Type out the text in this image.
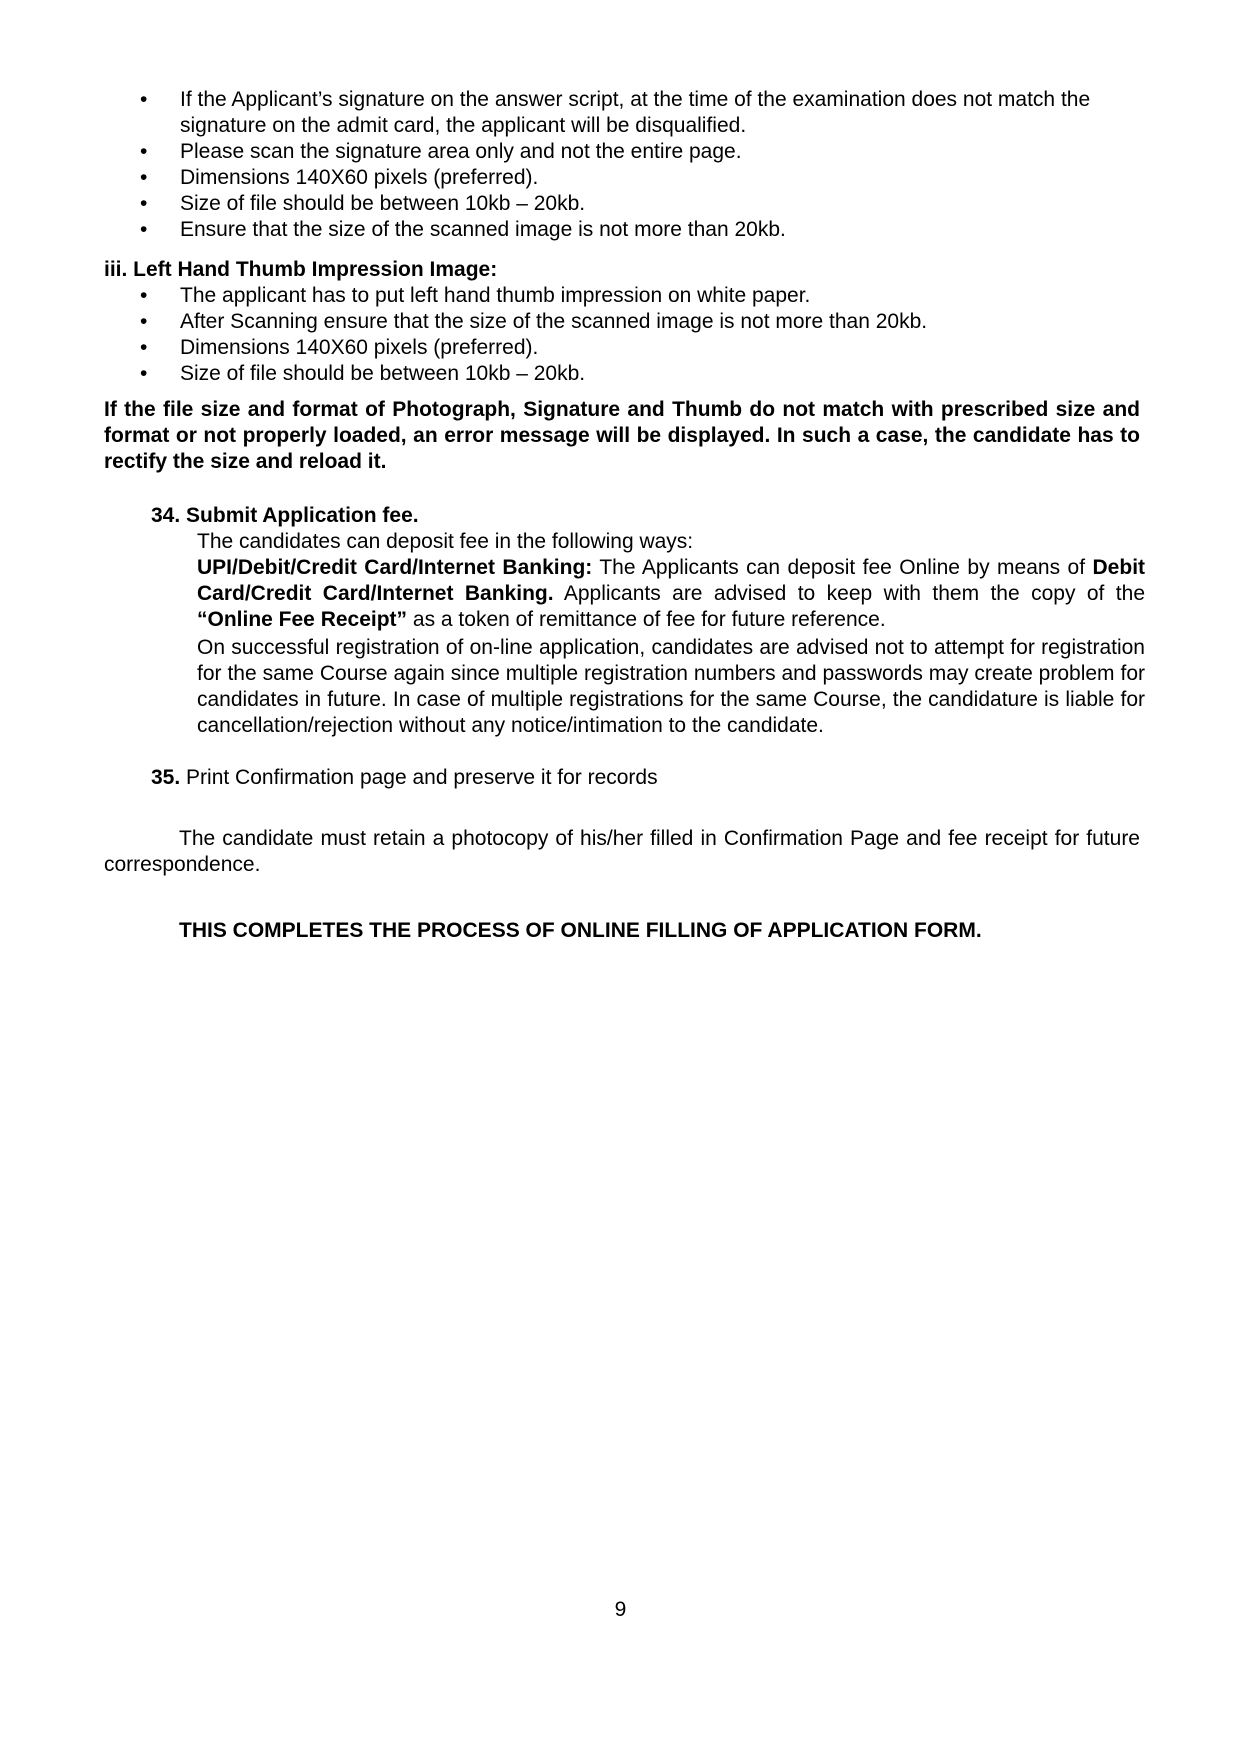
• If the Applicant’s signature on the answer script, at the time of the examination does not match the signature on the admit card, the applicant will be disqualified.
• Please scan the signature area only and not the entire page.
• Dimensions 140X60 pixels (preferred).
• Size of file should be between 10kb – 20kb.
• Ensure that the size of the scanned image is not more than 20kb.
iii. Left Hand Thumb Impression Image:
• The applicant has to put left hand thumb impression on white paper.
• After Scanning ensure that the size of the scanned image is not more than 20kb.
• Dimensions 140X60 pixels (preferred).
• Size of file should be between 10kb – 20kb.
If the file size and format of Photograph, Signature and Thumb do not match with prescribed size and format or not properly loaded, an error message will be displayed. In such a case, the candidate has to rectify the size and reload it.
34. Submit Application fee.
The candidates can deposit fee in the following ways:
UPI/Debit/Credit Card/Internet Banking: The Applicants can deposit fee Online by means of Debit Card/Credit Card/Internet Banking. Applicants are advised to keep with them the copy of the “Online Fee Receipt” as a token of remittance of fee for future reference.
On successful registration of on-line application, candidates are advised not to attempt for registration for the same Course again since multiple registration numbers and passwords may create problem for candidates in future. In case of multiple registrations for the same Course, the candidature is liable for cancellation/rejection without any notice/intimation to the candidate.
35. Print Confirmation page and preserve it for records
The candidate must retain a photocopy of his/her filled in Confirmation Page and fee receipt for future correspondence.
THIS COMPLETES THE PROCESS OF ONLINE FILLING OF APPLICATION FORM.
9
